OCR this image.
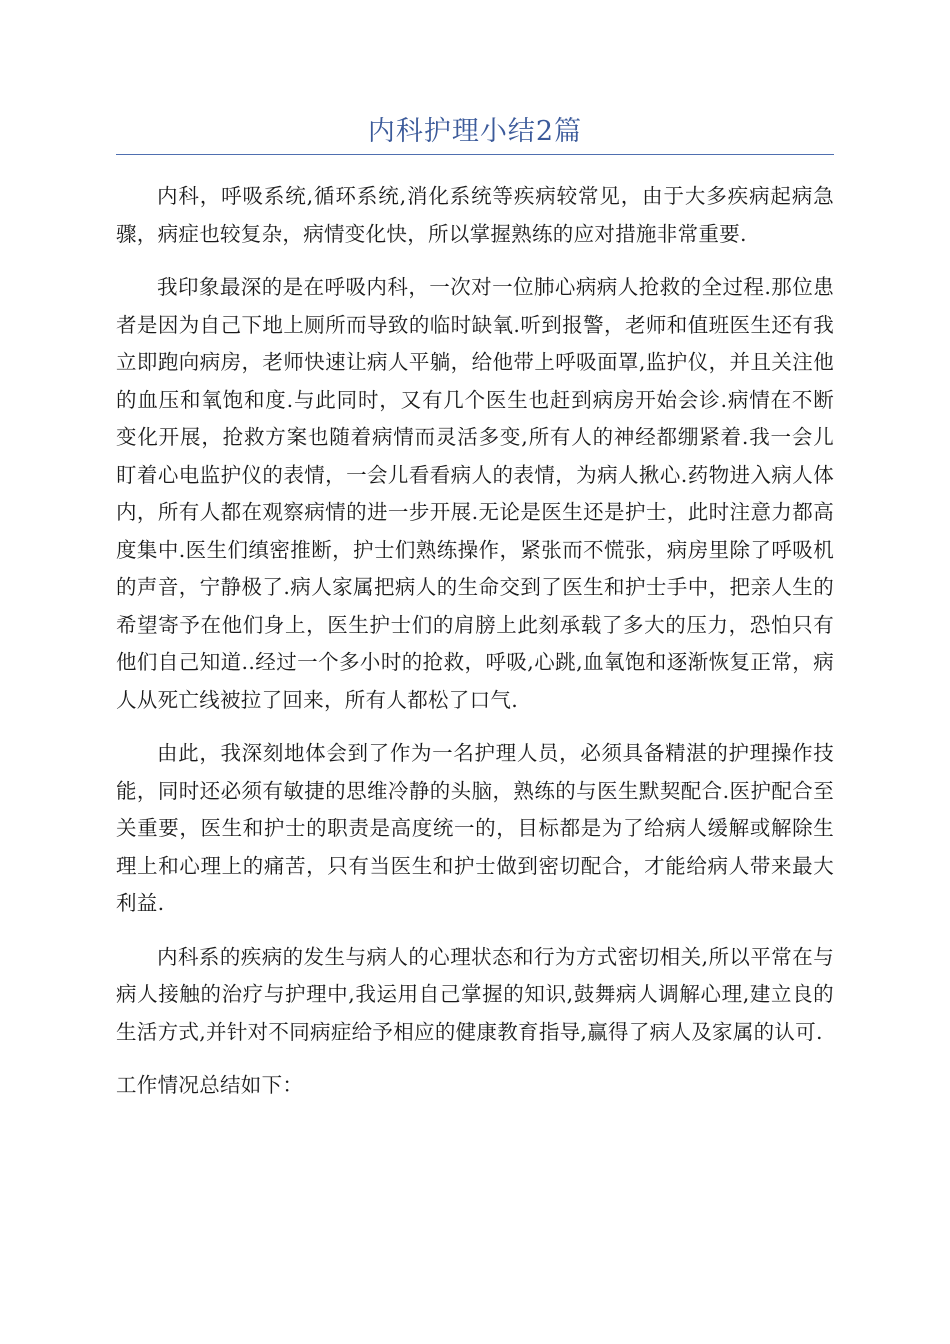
内科护理小结2篇

内科，呼吸系统,循环系统,消化系统等疾病较常见，由于大多疾病起病急骤，病症也较复杂，病情变化快，所以掌握熟练的应对措施非常重要.

我印象最深的是在呼吸内科，一次对一位肺心病病人抢救的全过程.那位患者是因为自己下地上厕所而导致的临时缺氧.听到报警，老师和值班医生还有我立即跑向病房，老师快速让病人平躺，给他带上呼吸面罩,监护仪，并且关注他的血压和氧饱和度.与此同时，又有几个医生也赶到病房开始会诊.病情在不断变化开展，抢救方案也随着病情而灵活多变,所有人的神经都绷紧着.我一会儿盯着心电监护仪的表情，一会儿看看病人的表情，为病人揪心.药物进入病人体内，所有人都在观察病情的进一步开展.无论是医生还是护士，此时注意力都高度集中.医生们缜密推断，护士们熟练操作，紧张而不慌张，病房里除了呼吸机的声音，宁静极了.病人家属把病人的生命交到了医生和护士手中，把亲人生的希望寄予在他们身上，医生护士们的肩膀上此刻承载了多大的压力，恐怕只有他们自己知道..经过一个多小时的抢救，呼吸,心跳,血氧饱和逐渐恢复正常，病人从死亡线被拉了回来，所有人都松了口气.

由此，我深刻地体会到了作为一名护理人员，必须具备精湛的护理操作技能，同时还必须有敏捷的思维冷静的头脑，熟练的与医生默契配合.医护配合至关重要，医生和护士的职责是高度统一的，目标都是为了给病人缓解或解除生理上和心理上的痛苦，只有当医生和护士做到密切配合，才能给病人带来最大利益.

内科系的疾病的发生与病人的心理状态和行为方式密切相关,所以平常在与病人接触的治疗与护理中,我运用自己掌握的知识,鼓舞病人调解心理,建立良的生活方式,并针对不同病症给予相应的健康教育指导,赢得了病人及家属的认可.

工作情况总结如下：
